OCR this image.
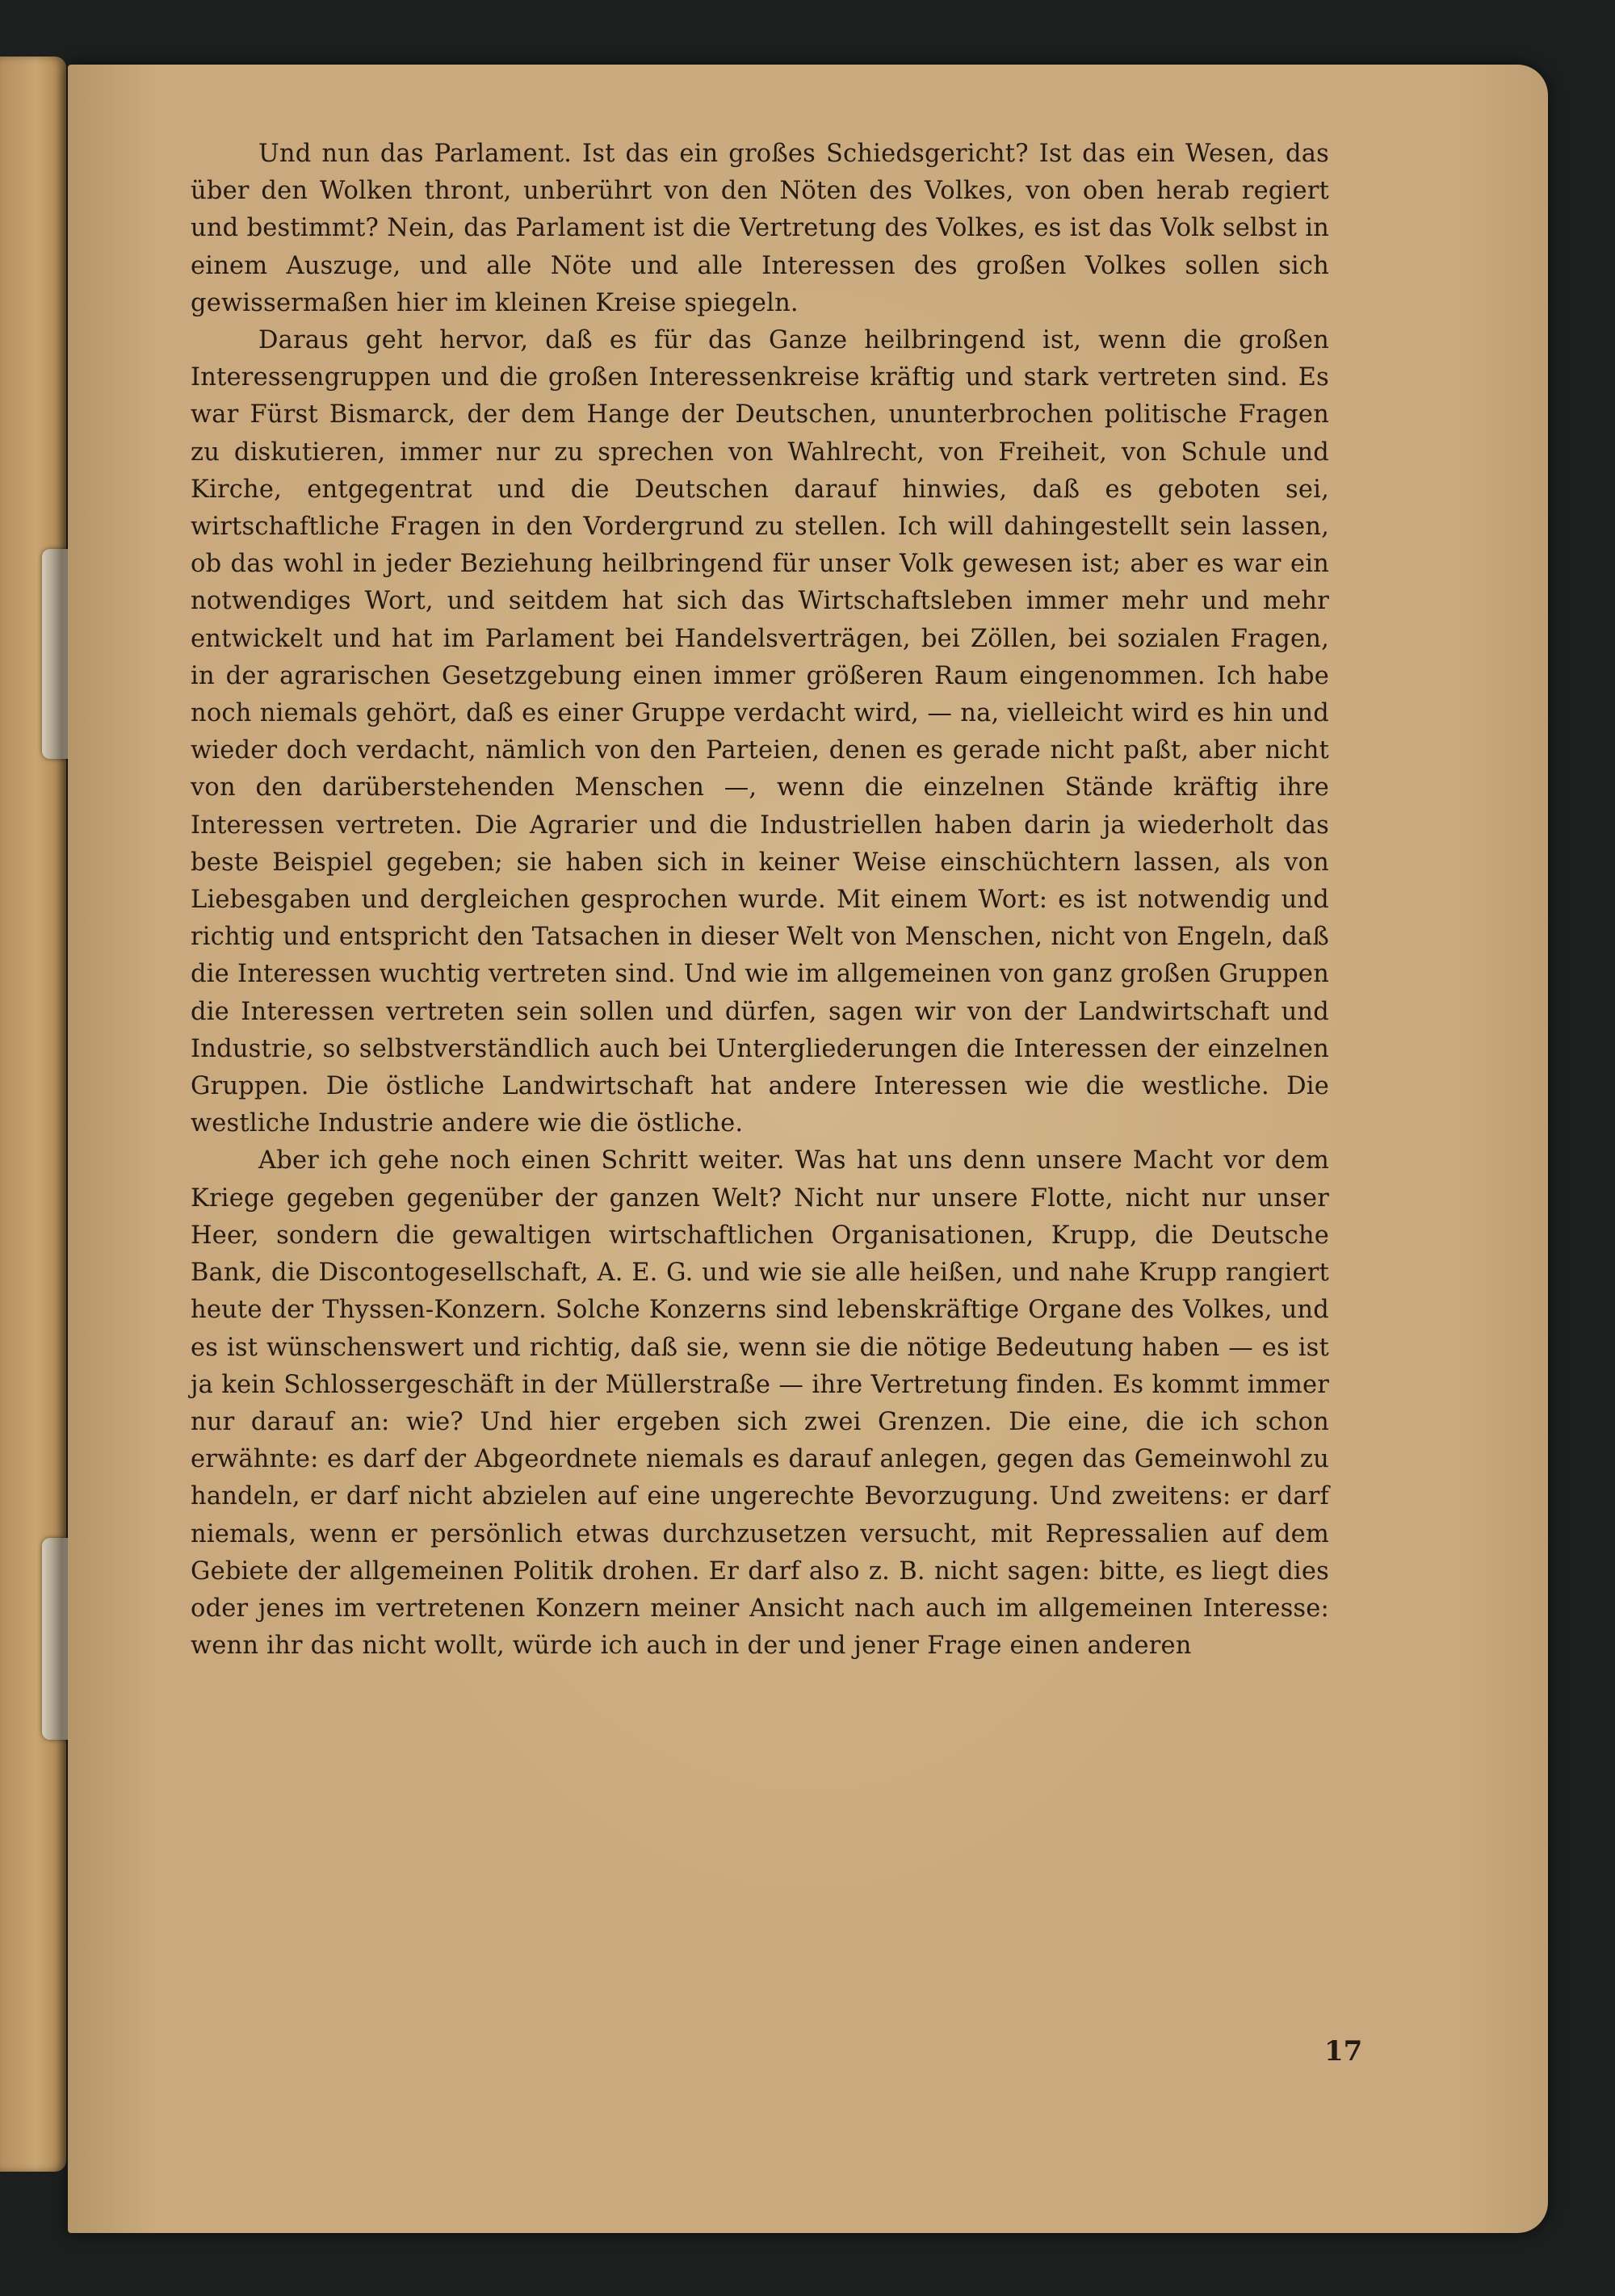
Und nun das Parlament. Ist das ein großes Schiedsgericht? Ist das ein Wesen, das über den Wolken thront, unberührt von den Nöten des Volkes, von oben herab regiert und bestimmt? Nein, das Parlament ist die Vertretung des Volkes, es ist das Volk selbst in einem Auszuge, und alle Nöte und alle Interessen des großen Volkes sollen sich gewissermaßen hier im kleinen Kreise spiegeln.

Daraus geht hervor, daß es für das Ganze heilbringend ist, wenn die großen Interessengruppen und die großen Interessenkreise kräftig und stark vertreten sind. Es war Fürst Bismarck, der dem Hange der Deutschen, ununterbrochen politische Fragen zu diskutieren, immer nur zu sprechen von Wahlrecht, von Freiheit, von Schule und Kirche, entgegentrat und die Deutschen darauf hinwies, daß es geboten sei, wirtschaftliche Fragen in den Vordergrund zu stellen. Ich will dahingestellt sein lassen, ob das wohl in jeder Beziehung heilbringend für unser Volk gewesen ist; aber es war ein notwendiges Wort, und seitdem hat sich das Wirtschaftsleben immer mehr und mehr entwickelt und hat im Parlament bei Handelsverträgen, bei Zöllen, bei sozialen Fragen, in der agrarischen Gesetzgebung einen immer größeren Raum eingenommen. Ich habe noch niemals gehört, daß es einer Gruppe verdacht wird, — na, vielleicht wird es hin und wieder doch verdacht, nämlich von den Parteien, denen es gerade nicht paßt, aber nicht von den darüberstehenden Menschen —, wenn die einzelnen Stände kräftig ihre Interessen vertreten. Die Agrarier und die Industriellen haben darin ja wiederholt das beste Beispiel gegeben; sie haben sich in keiner Weise einschüchtern lassen, als von Liebesgaben und dergleichen gesprochen wurde. Mit einem Wort: es ist notwendig und richtig und entspricht den Tatsachen in dieser Welt von Menschen, nicht von Engeln, daß die Interessen wuchtig vertreten sind. Und wie im allgemeinen von ganz großen Gruppen die Interessen vertreten sein sollen und dürfen, sagen wir von der Landwirtschaft und Industrie, so selbstverständlich auch bei Untergliederungen die Interessen der einzelnen Gruppen. Die östliche Landwirtschaft hat andere Interessen wie die westliche. Die westliche Industrie andere wie die östliche.

Aber ich gehe noch einen Schritt weiter. Was hat uns denn unsere Macht vor dem Kriege gegeben gegenüber der ganzen Welt? Nicht nur unsere Flotte, nicht nur unser Heer, sondern die gewaltigen wirtschaftlichen Organisationen, Krupp, die Deutsche Bank, die Discontogesellschaft, A. E. G. und wie sie alle heißen, und nahe Krupp rangiert heute der Thyssen-Konzern. Solche Konzerns sind lebenskräftige Organe des Volkes, und es ist wünschenswert und richtig, daß sie, wenn sie die nötige Bedeutung haben — es ist ja kein Schlossergeschäft in der Müllerstraße — ihre Vertretung finden. Es kommt immer nur darauf an: wie? Und hier ergeben sich zwei Grenzen. Die eine, die ich schon erwähnte: es darf der Abgeordnete niemals es darauf anlegen, gegen das Gemeinwohl zu handeln, er darf nicht abzielen auf eine ungerechte Bevorzugung. Und zweitens: er darf niemals, wenn er persönlich etwas durchzusetzen versucht, mit Repressalien auf dem Gebiete der allgemeinen Politik drohen. Er darf also z. B. nicht sagen: bitte, es liegt dies oder jenes im vertretenen Konzern meiner Ansicht nach auch im allgemeinen Interesse: wenn ihr das nicht wollt, würde ich auch in der und jener Frage einen anderen

17
